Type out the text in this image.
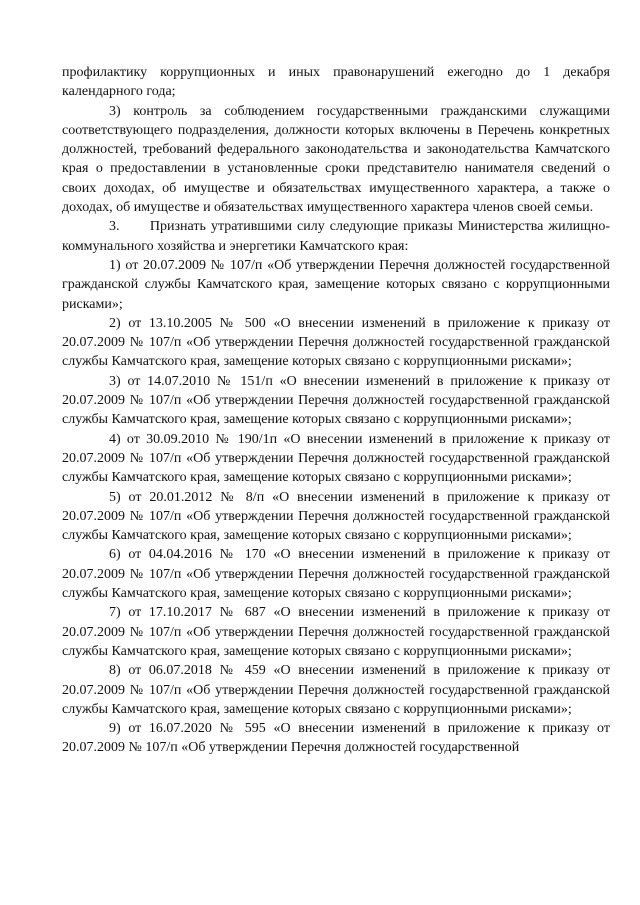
профилактику коррупционных и иных правонарушений ежегодно до 1 декабря календарного года;

3) контроль за соблюдением государственными гражданскими служащими соответствующего подразделения, должности которых включены в Перечень конкретных должностей, требований федерального законодательства и законодательства Камчатского края о предоставлении в установленные сроки представителю нанимателя сведений о своих доходах, об имуществе и обязательствах имущественного характера, а также о доходах, об имуществе и обязательствах имущественного характера членов своей семьи.

3.      Признать утратившими силу следующие приказы Министерства жилищно-коммунального хозяйства и энергетики Камчатского края:

1) от 20.07.2009 № 107/п «Об утверждении Перечня должностей государственной гражданской службы Камчатского края, замещение которых связано с коррупционными рисками»;

2) от 13.10.2005 № 500 «О внесении изменений в приложение к приказу от 20.07.2009 № 107/п «Об утверждении Перечня должностей государственной гражданской службы Камчатского края, замещение которых связано с коррупционными рисками»;

3) от 14.07.2010 № 151/п «О внесении изменений в приложение к приказу от 20.07.2009 № 107/п «Об утверждении Перечня должностей государственной гражданской службы Камчатского края, замещение которых связано с коррупционными рисками»;

4) от 30.09.2010 № 190/1п «О внесении изменений в приложение к приказу от 20.07.2009 № 107/п «Об утверждении Перечня должностей государственной гражданской службы Камчатского края, замещение которых связано с коррупционными рисками»;

5) от 20.01.2012 № 8/п «О внесении изменений в приложение к приказу от 20.07.2009 № 107/п «Об утверждении Перечня должностей государственной гражданской службы Камчатского края, замещение которых связано с коррупционными рисками»;

6) от 04.04.2016 № 170 «О внесении изменений в приложение к приказу от 20.07.2009 № 107/п «Об утверждении Перечня должностей государственной гражданской службы Камчатского края, замещение которых связано с коррупционными рисками»;

7) от 17.10.2017 № 687 «О внесении изменений в приложение к приказу от 20.07.2009 № 107/п «Об утверждении Перечня должностей государственной гражданской службы Камчатского края, замещение которых связано с коррупционными рисками»;

8) от 06.07.2018 № 459 «О внесении изменений в приложение к приказу от 20.07.2009 № 107/п «Об утверждении Перечня должностей государственной гражданской службы Камчатского края, замещение которых связано с коррупционными рисками»;

9) от 16.07.2020 № 595 «О внесении изменений в приложение к приказу от 20.07.2009 № 107/п «Об утверждении Перечня должностей государственной
